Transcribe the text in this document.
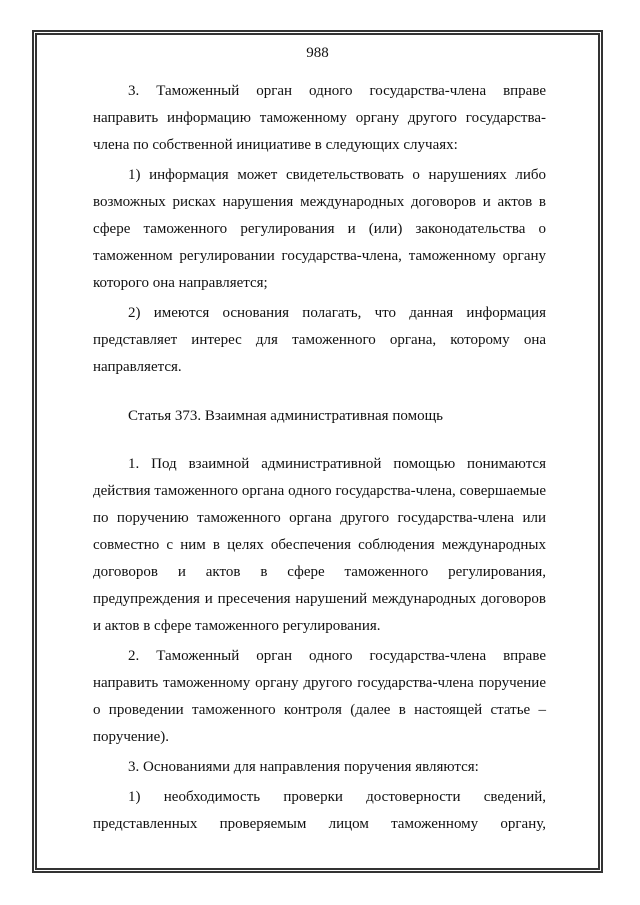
988

3. Таможенный орган одного государства-члена вправе направить информацию таможенному органу другого государства-члена по собственной инициативе в следующих случаях:

1) информация может свидетельствовать о нарушениях либо возможных рисках нарушения международных договоров и актов в сфере таможенного регулирования и (или) законодательства о таможенном регулировании государства-члена, таможенному органу которого она направляется;

2) имеются основания полагать, что данная информация представляет интерес для таможенного органа, которому она направляется.

Статья 373. Взаимная административная помощь

1. Под взаимной административной помощью понимаются действия таможенного органа одного государства-члена, совершаемые по поручению таможенного органа другого государства-члена или совместно с ним в целях обеспечения соблюдения международных договоров и актов в сфере таможенного регулирования, предупреждения и пресечения нарушений международных договоров и актов в сфере таможенного регулирования.

2. Таможенный орган одного государства-члена вправе направить таможенному органу другого государства-члена поручение о проведении таможенного контроля (далее в настоящей статье – поручение).

3. Основаниями для направления поручения являются:

1) необходимость проверки достоверности сведений, представленных проверяемым лицом таможенному органу,
